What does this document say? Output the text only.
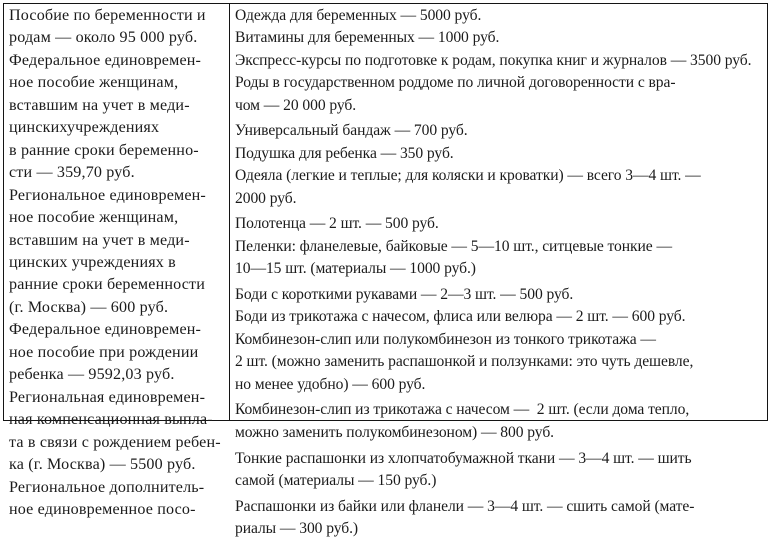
Пособие по беременности и
родам — около 95 000 руб.
Федеральное единовремен-
ное пособие женщинам,
вставшим на учет в меди-
цинскихучреждениях
в ранние сроки беременно-
сти — 359,70 руб.
Региональное единовремен-
ное пособие женщинам,
вставшим на учет в меди-
цинских учреждениях в
ранние сроки беременности
(г. Москва) — 600 руб.
Федеральное единовремен-
ное пособие при рождении
ребенка — 9592,03 руб.
Региональная единовремен-
ная компенсационная выпла-
та в связи с рождением ребен-
ка (г. Москва) — 5500 руб.
Региональное дополнитель-
ное единовременное посо-
Одежда для беременных — 5000 руб.
Витамины для беременных — 1000 руб.
Экспресс-курсы по подготовке к родам, покупка книг и журналов — 3500 руб.
Роды в государственном роддоме по личной договоренности с вра-
чом — 20 000 руб.
Универсальный бандаж — 700 руб.
Подушка для ребенка — 350 руб.
Одеяла (легкие и теплые; для коляски и кроватки) — всего 3—4 шт. —
2000 руб.
Полотенца — 2 шт. — 500 руб.
Пеленки: фланелевые, байковые — 5—10 шт., ситцевые тонкие —
10—15 шт. (материалы — 1000 руб.)
Боди с короткими рукавами — 2—3 шт. — 500 руб.
Боди из трикотажа с начесом, флиса или велюра — 2 шт. — 600 руб.
Комбинезон-слип или полукомбинезон из тонкого трикотажа —
2 шт. (можно заменить распашонкой и ползунками: это чуть дешевле,
но менее удобно) — 600 руб.
Комбинезон-слип из трикотажа с начесом —  2 шт. (если дома тепло,
можно заменить полукомбинезоном) — 800 руб.
Тонкие распашонки из хлопчатобумажной ткани — 3—4 шт. — шить
самой (материалы — 150 руб.)
Распашонки из байки или фланели — 3—4 шт. — сшить самой (мате-
риалы — 300 руб.)
